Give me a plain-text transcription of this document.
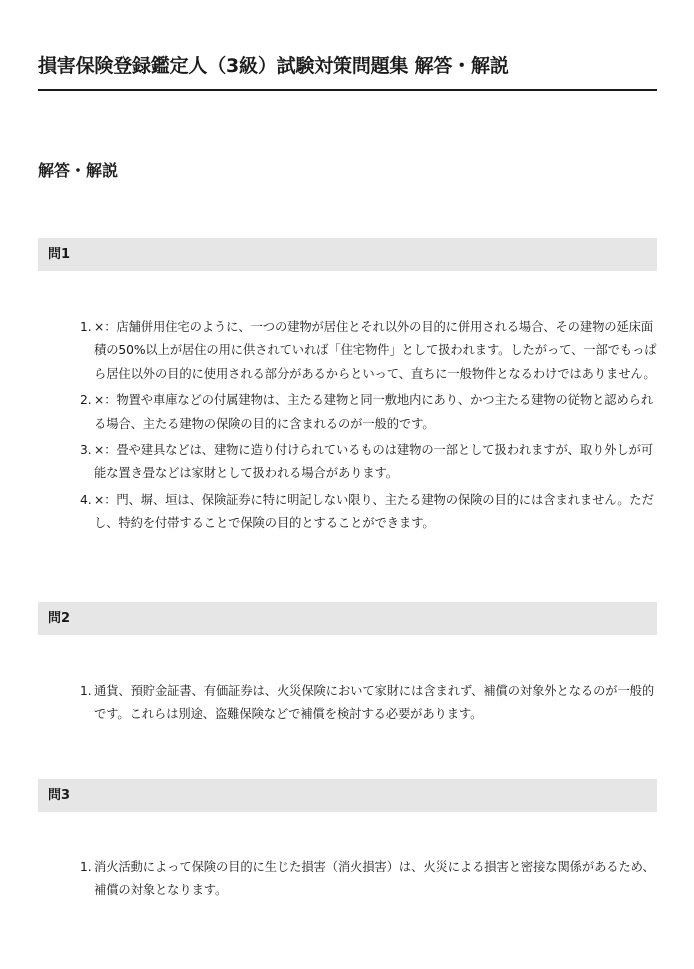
損害保険登録鑑定人（3級）試験対策問題集 解答・解説
解答・解説
問1
1. ×：店舗併用住宅のように、一つの建物が居住とそれ以外の目的に併用される場合、その建物の延床面積の50%以上が居住の用に供されていれば「住宅物件」として扱われます。したがって、一部でもっぱら居住以外の目的に使用される部分があるからといって、直ちに一般物件となるわけではありません。
2. ×：物置や車庫などの付属建物は、主たる建物と同一敷地内にあり、かつ主たる建物の従物と認められる場合、主たる建物の保険の目的に含まれるのが一般的です。
3. ×：畳や建具などは、建物に造り付けられているものは建物の一部として扱われますが、取り外しが可能な置き畳などは家財として扱われる場合があります。
4. ×：門、塀、垣は、保険証券に特に明記しない限り、主たる建物の保険の目的には含まれません。ただし、特約を付帯することで保険の目的とすることができます。
問2
1. 通貨、預貯金証書、有価証券は、火災保険において家財には含まれず、補償の対象外となるのが一般的です。これらは別途、盗難保険などで補償を検討する必要があります。
問3
1. 消火活動によって保険の目的に生じた損害（消火損害）は、火災による損害と密接な関係があるため、補償の対象となります。
